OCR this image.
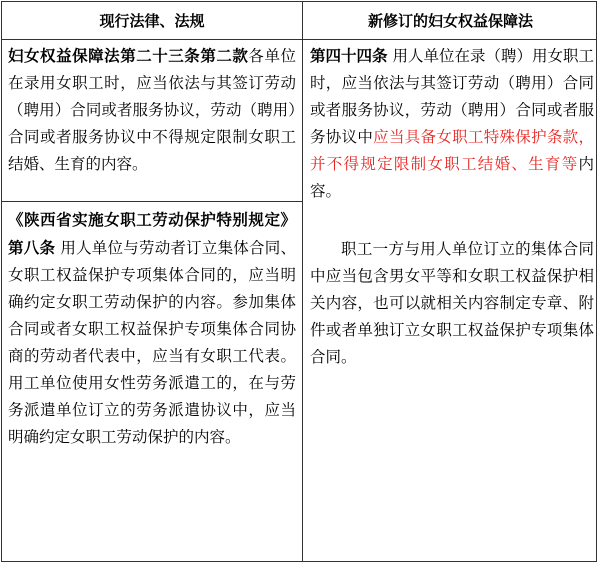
现行法律、法规	新修订的妇女权益保障法
妇女权益保障法第二十三条第二款各单位在录用女职工时，应当依法与其签订劳动（聘用）合同或者服务协议，劳动（聘用）合同或者服务协议中不得规定限制女职工结婚、生育的内容。
《陕西省实施女职工劳动保护特别规定》第八条 用人单位与劳动者订立集体合同、女职工权益保护专项集体合同的，应当明确约定女职工劳动保护的内容。参加集体合同或者女职工权益保护专项集体合同协商的劳动者代表中，应当有女职工代表。用工单位使用女性劳务派遣工的，在与劳务派遣单位订立的劳务派遣协议中，应当明确约定女职工劳动保护的内容。
第四十四条 用人单位在录（聘）用女职工时，应当依法与其签订劳动（聘用）合同或者服务协议，劳动（聘用）合同或者服务协议中应当具备女职工特殊保护条款，并不得规定限制女职工结婚、生育等内容。
职工一方与用人单位订立的集体合同中应当包含男女平等和女职工权益保护相关内容，也可以就相关内容制定专章、附件或者单独订立女职工权益保护专项集体合同。
